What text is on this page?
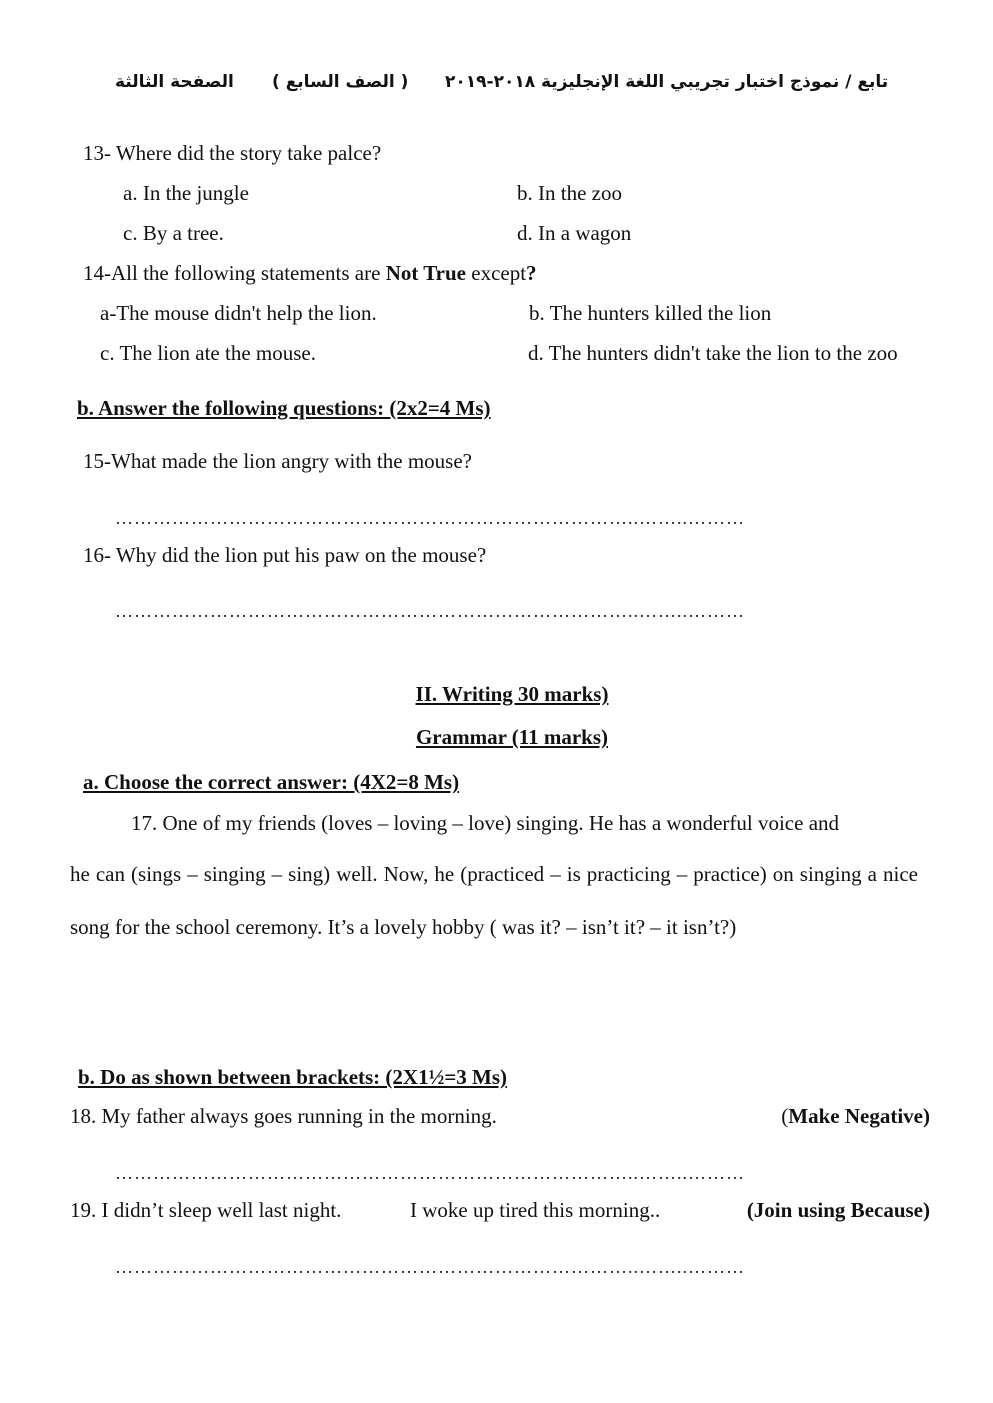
الصفحة الثالثة ( الصف السابع ) تابع / نموذج اختبار تجريبي اللغة الإنجليزية ٢٠١٨-٢٠١٩
13- Where did the story take palce?
a. In the jungle	b. In the zoo
c. By a tree.	d. In a wagon
14-All the following statements are Not True except?
a-The mouse didn't help the lion.	b. The hunters killed the lion
c. The lion ate the mouse.	d. The hunters didn't take the lion to the zoo
b. Answer the following questions: (2x2=4 Ms)
15-What made the lion angry with the mouse?
………………………………………………………………………..……..………
16- Why did the lion put his paw on the mouse?
………………………………………………………………………..……..………
II. Writing 30 marks)
Grammar (11 marks)
a. Choose the correct answer: (4X2=8 Ms)
17. One of my friends (loves – loving – love) singing. He has a wonderful voice and

he can (sings – singing – sing) well. Now, he (practiced – is practicing – practice) on singing a nice song for the school ceremony. It’s a lovely hobby ( was it? – isn’t it? – it isn’t?)

b. Do as shown between brackets: (2X1½=3 Ms)
18. My father always goes running in the morning.	(Make Negative)
………………………………………………………………………..……..………
19. I didn’t sleep well last night.	I woke up tired this morning..	(Join using Because)
………………………………………………………………………..……..………
